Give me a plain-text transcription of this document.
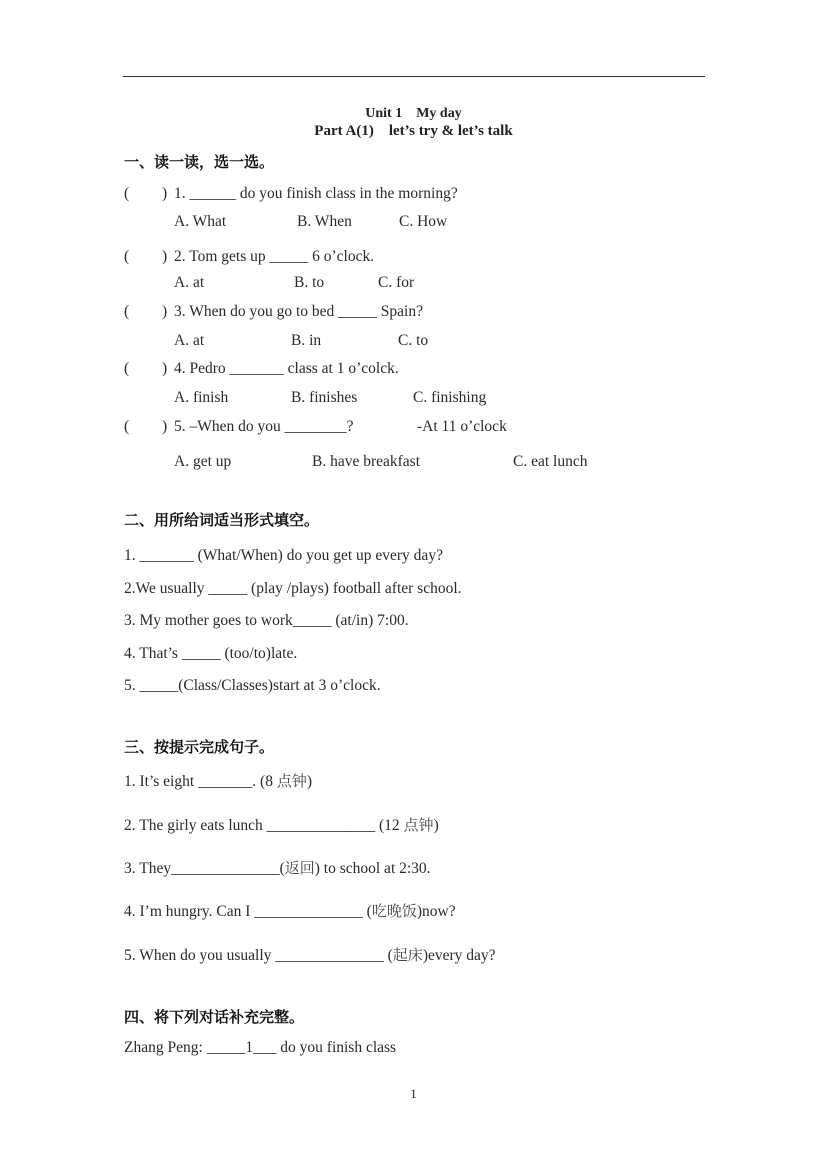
Unit 1 My day
Part A(1) let’s try & let’s talk
一、读一读，选一选。
( ) 1. ______ do you finish class in the morning?
A. What	B. When	C. How
( ) 2. Tom gets up _____ 6 o’clock.
A. at	B. to	C. for
( ) 3. When do you go to bed _____ Spain?
A. at	B. in	C. to
( ) 4. Pedro _______ class at 1 o’colck.
A. finish	B. finishes	C. finishing
( ) 5. –When do you ________?	-At 11 o’clock
A. get up	B. have breakfast	C. eat lunch
二、用所给词适当形式填空。
1. _______ (What/When) do you get up every day?
2.We usually _____ (play /plays) football after school.
3. My mother goes to work_____ (at/in) 7:00.
4. That’s _____ (too/to)late.
5. _____(Class/Classes)start at 3 o’clock.
三、按提示完成句子。
1. It’s eight _______. (8 点钟)
2. The girly eats lunch ______________ (12 点钟)
3. They______________(返回) to school at 2:30.
4. I’m hungry. Can I ______________ (吃晚饭)now?
5. When do you usually ______________ (起床)every day?
四、将下列对话补充完整。
Zhang Peng: _____1___ do you finish class
1
